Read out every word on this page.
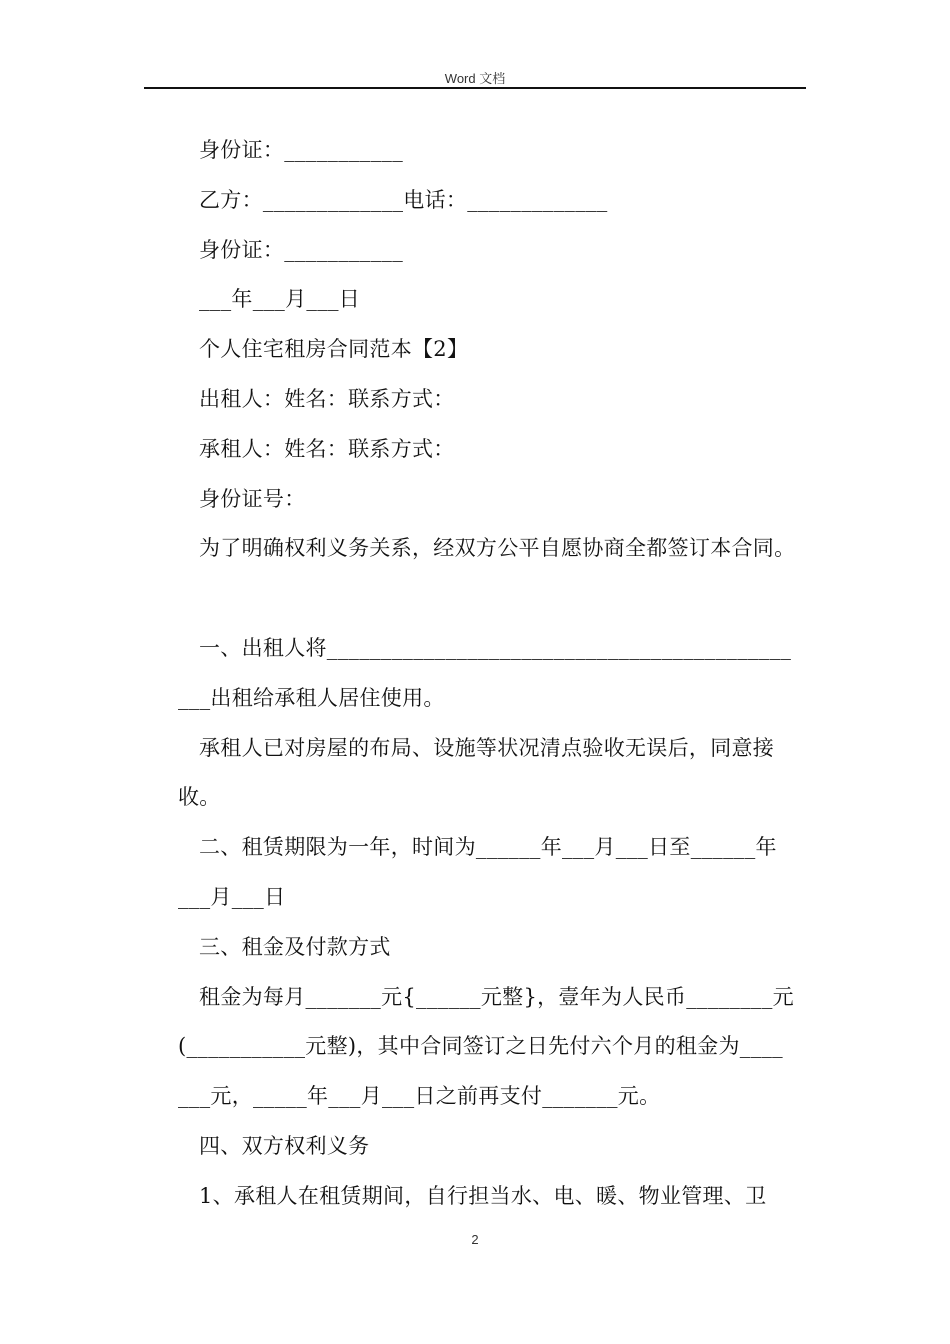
Word 文档
身份证：___________
乙方：_____________电话：_____________
身份证：___________
___年___月___日
个人住宅租房合同范本【2】
出租人：姓名：联系方式：
承租人：姓名：联系方式：
身份证号：
为了明确权利义务关系，经双方公平自愿协商全都签订本合同。
一、出租人将___________________________________________
___出租给承租人居住使用。
承租人已对房屋的布局、设施等状况清点验收无误后，同意接
收。
二、租赁期限为一年，时间为______年___月___日至______年
___月___日
三、租金及付款方式
租金为每月_______元{______元整}，壹年为人民币________元
(___________元整)，其中合同签订之日先付六个月的租金为____
___元，_____年___月___日之前再支付_______元。
四、双方权利义务
1、承租人在租赁期间，自行担当水、电、暖、物业管理、卫
2
